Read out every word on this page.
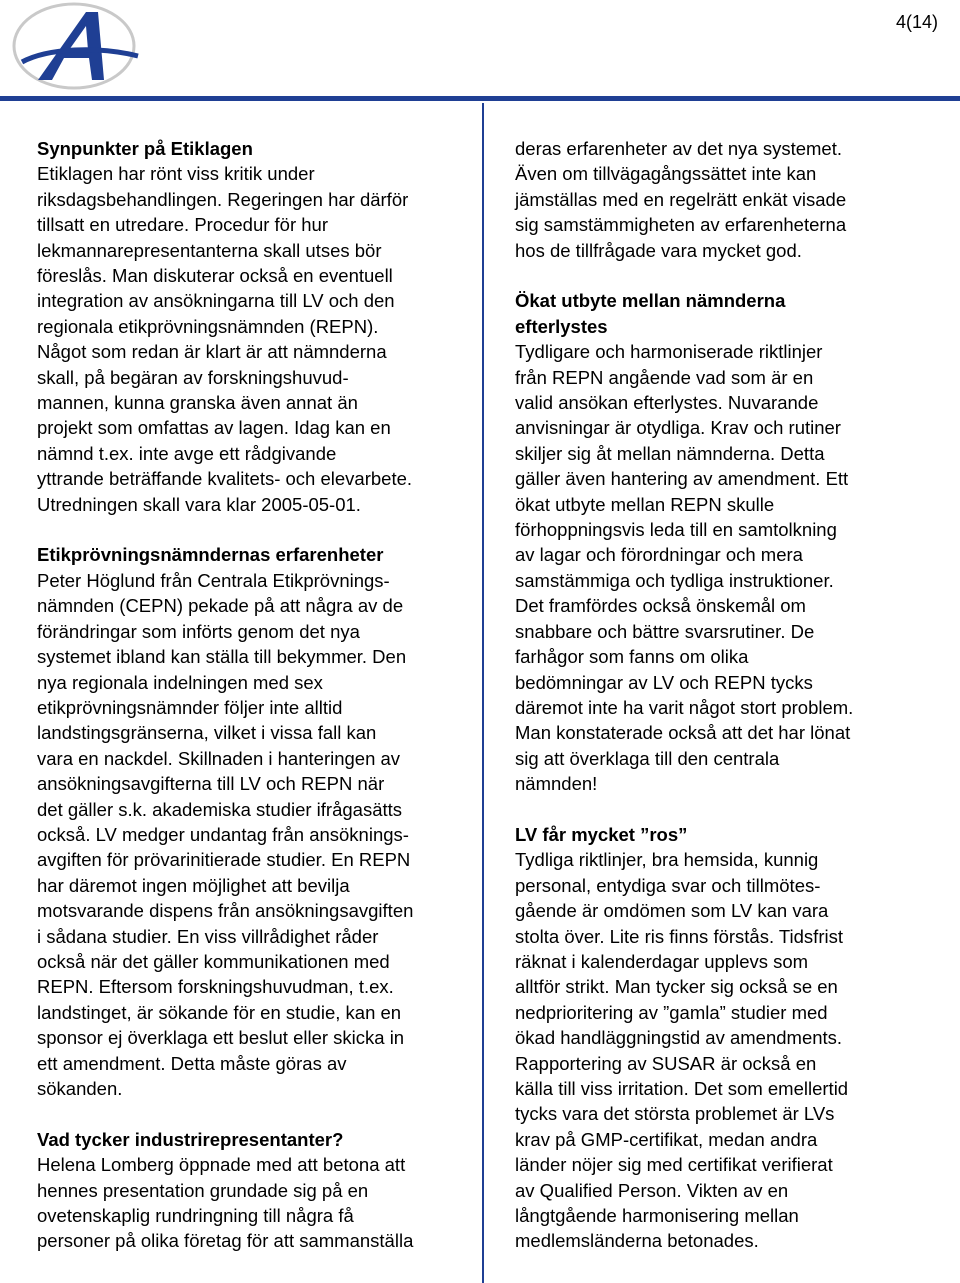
4(14)
Synpunkter på Etiklagen
Etiklagen har rönt viss kritik under
riksdagsbehandlingen. Regeringen har därför
tillsatt en utredare. Procedur för hur
lekmannarepresentanterna skall utses bör
föreslås. Man diskuterar också en eventuell
integration av ansökningarna till LV och den
regionala etikprövningsnämnden (REPN).
Något som redan är klart är att nämnderna
skall, på begäran av forskningshuvud-
mannen, kunna granska även annat än
projekt som omfattas av lagen. Idag kan en
nämnd t.ex. inte avge ett rådgivande
yttrande beträffande kvalitets- och elevarbete.
Utredningen skall vara klar 2005-05-01.
Etikprövningsnämndernas erfarenheter
Peter Höglund från Centrala Etikprövnings-
nämnden (CEPN) pekade på att några av de
förändringar som införts genom det nya
systemet ibland kan ställa till bekymmer. Den
nya regionala indelningen med sex
etikprövningsnämnder följer inte alltid
landstingsgränserna, vilket i vissa fall kan
vara en nackdel. Skillnaden i hanteringen av
ansökningsavgifterna till LV och REPN när
det gäller s.k. akademiska studier ifrågasätts
också. LV medger undantag från ansöknings-
avgiften för prövarinitierade studier. En REPN
har däremot ingen möjlighet att bevilja
motsvarande dispens från ansökningsavgiften
i sådana studier. En viss villrådighet råder
också när det gäller kommunikationen med
REPN. Eftersom forskningshuvudman, t.ex.
landstinget, är sökande för en studie, kan en
sponsor ej överklaga ett beslut eller skicka in
ett amendment. Detta måste göras av
sökanden.
Vad tycker industrirepresentanter?
Helena Lomberg öppnade med att betona att
hennes presentation grundade sig på en
ovetenskaplig rundringning till några få
personer på olika företag för att sammanställa
deras erfarenheter av det nya systemet.
Även om tillvägagångssättet inte kan
jämställas med en regelrätt enkät visade
sig samstämmigheten av erfarenheterna
hos de tillfrågade vara mycket god.
Ökat utbyte mellan nämnderna
efterlystes
Tydligare och harmoniserade riktlinjer
från REPN angående vad som är en
valid ansökan efterlystes. Nuvarande
anvisningar är otydliga. Krav och rutiner
skiljer sig åt mellan nämnderna. Detta
gäller även hantering av amendment. Ett
ökat utbyte mellan REPN skulle
förhoppningsvis leda till en samtolkning
av lagar och förordningar och mera
samstämmiga och tydliga instruktioner.
Det framfördes också önskemål om
snabbare och bättre svarsrutiner. De
farhågor som fanns om olika
bedömningar av LV och REPN tycks
däremot inte ha varit något stort problem.
Man konstaterade också att det har lönat
sig att överklaga till den centrala
nämnden!
LV får mycket ”ros”
Tydliga riktlinjer, bra hemsida, kunnig
personal, entydiga svar och tillmötes-
gående är omdömen som LV kan vara
stolta över. Lite ris finns förstås. Tidsfrist
räknat i kalenderdagar upplevs som
alltför strikt. Man tycker sig också se en
nedprioritering av ”gamla” studier med
ökad handläggningstid av amendments.
Rapportering av SUSAR är också en
källa till viss irritation. Det som emellertid
tycks vara det största problemet är LVs
krav på GMP-certifikat, medan andra
länder nöjer sig med certifikat verifierat
av Qualified Person. Vikten av en
långtgående harmonisering mellan
medlemsländerna betonades.
